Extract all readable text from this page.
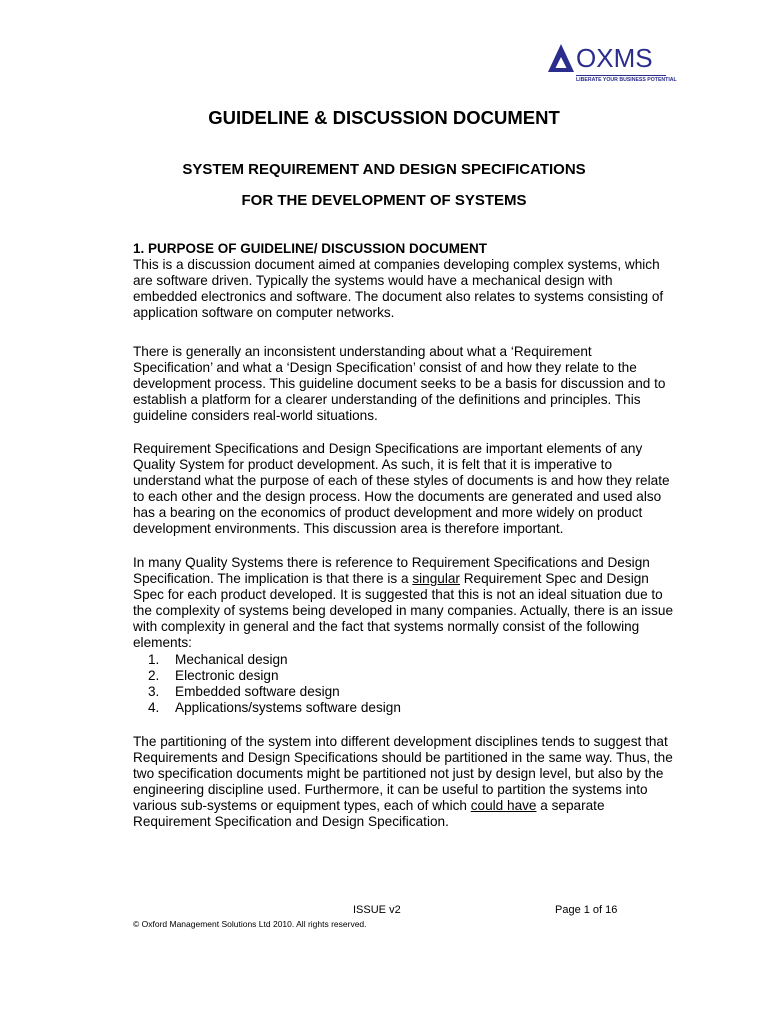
OXMS
LIBERATE YOUR BUSINESS POTENTIAL
GUIDELINE & DISCUSSION DOCUMENT
SYSTEM REQUIREMENT AND DESIGN SPECIFICATIONS
FOR THE DEVELOPMENT OF SYSTEMS
1. PURPOSE OF GUIDELINE/ DISCUSSION DOCUMENT

This is a discussion document aimed at companies developing complex systems, which are software driven. Typically the systems would have a mechanical design with embedded electronics and software. The document also relates to systems consisting of application software on computer networks.

There is generally an inconsistent understanding about what a ‘Requirement Specification’ and what a ‘Design Specification’ consist of and how they relate to the development process. This guideline document seeks to be a basis for discussion and to establish a platform for a clearer understanding of the definitions and principles. This guideline considers real-world situations.

Requirement Specifications and Design Specifications are important elements of any Quality System for product development. As such, it is felt that it is imperative to understand what the purpose of each of these styles of documents is and how they relate to each other and the design process. How the documents are generated and used also has a bearing on the economics of product development and more widely on product development environments. This discussion area is therefore important.

In many Quality Systems there is reference to Requirement Specifications and Design Specification. The implication is that there is a singular Requirement Spec and Design Spec for each product developed. It is suggested that this is not an ideal situation due to the complexity of systems being developed in many companies. Actually, there is an issue with complexity in general and the fact that systems normally consist of the following elements:

1.	Mechanical design
2.	Electronic design
3.	Embedded software design
4.	Applications/systems software design

The partitioning of the system into different development disciplines tends to suggest that Requirements and Design Specifications should be partitioned in the same way. Thus, the two specification documents might be partitioned not just by design level, but also by the engineering discipline used. Furthermore, it can be useful to partition the systems into various sub-systems or equipment types, each of which could have a separate Requirement Specification and Design Specification.

ISSUE v2	Page 1 of 16
© Oxford Management Solutions Ltd 2010. All rights reserved.
